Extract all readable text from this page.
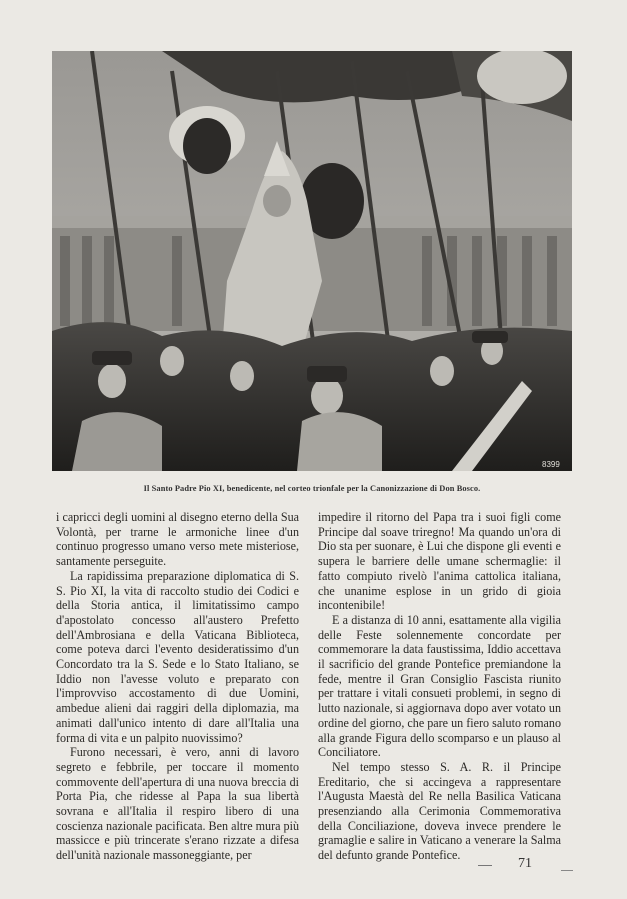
8399
Il Santo Padre Pio XI, benedicente, nel corteo trionfale per la Canonizzazione di Don Bosco.

i capricci degli uomini al disegno eterno della Sua Volontà, per trarne le armoniche linee d'un continuo progresso umano verso mete misteriose, santamente perseguite.

La rapidissima preparazione diplomatica di S. S. Pio XI, la vita di raccolto studio dei Codici e della Storia antica, il limitatissimo campo d'apostolato concesso all'austero Prefetto dell'Ambrosiana e della Vaticana Biblioteca, come poteva darci l'evento desideratissimo d'un Concordato tra la S. Sede e lo Stato Italiano, se Iddio non l'avesse voluto e preparato con l'improvviso accostamento di due Uomini, ambedue alieni dai raggiri della diplomazia, ma animati dall'unico intento di dare all'Italia una forma di vita e un palpito nuovissimo?

Furono necessari, è vero, anni di lavoro segreto e febbrile, per toccare il momento commovente dell'apertura di una nuova breccia di Porta Pia, che ridesse al Papa la sua libertà sovrana e all'Italia il respiro libero di una coscienza nazionale pacificata. Ben altre mura più massicce e più trincerate s'erano rizzate a difesa dell'unità nazionale massoneggiante, per

impedire il ritorno del Papa tra i suoi figli come Principe dal soave triregno! Ma quando un'ora di Dio sta per suonare, è Lui che dispone gli eventi e supera le barriere delle umane schermaglie: il fatto compiuto rivelò l'anima cattolica italiana, che unanime esplose in un grido di gioia incontenibile!

E a distanza di 10 anni, esattamente alla vigilia delle Feste solennemente concordate per commemorare la data faustissima, Iddio accettava il sacrificio del grande Pontefice premiandone la fede, mentre il Gran Consiglio Fascista riunito per trattare i vitali consueti problemi, in segno di lutto nazionale, si aggiornava dopo aver votato un ordine del giorno, che pare un fiero saluto romano alla grande Figura dello scomparso e un plauso al Conciliatore.

Nel tempo stesso S. A. R. il Principe Ereditario, che si accingeva a rappresentare l'Augusta Maestà del Re nella Basilica Vaticana presenziando alla Cerimonia Commemorativa della Conciliazione, doveva invece prendere le gramaglie e salire in Vaticano a venerare la Salma del defunto grande Pontefice.

71
